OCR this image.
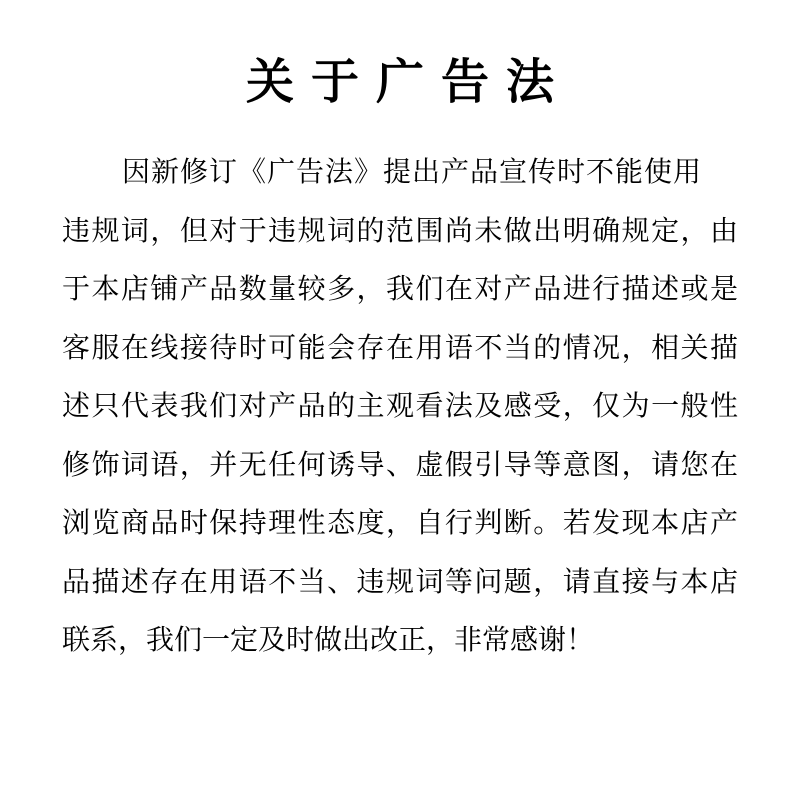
关于广告法
因新修订《广告法》提出产品宣传时不能使用
违规词，但对于违规词的范围尚未做出明确规定，由
于本店铺产品数量较多，我们在对产品进行描述或是
客服在线接待时可能会存在用语不当的情况，相关描
述只代表我们对产品的主观看法及感受，仅为一般性
修饰词语，并无任何诱导、虚假引导等意图，请您在
浏览商品时保持理性态度，自行判断。若发现本店产
品描述存在用语不当、违规词等问题，请直接与本店
联系，我们一定及时做出改正，非常感谢！
